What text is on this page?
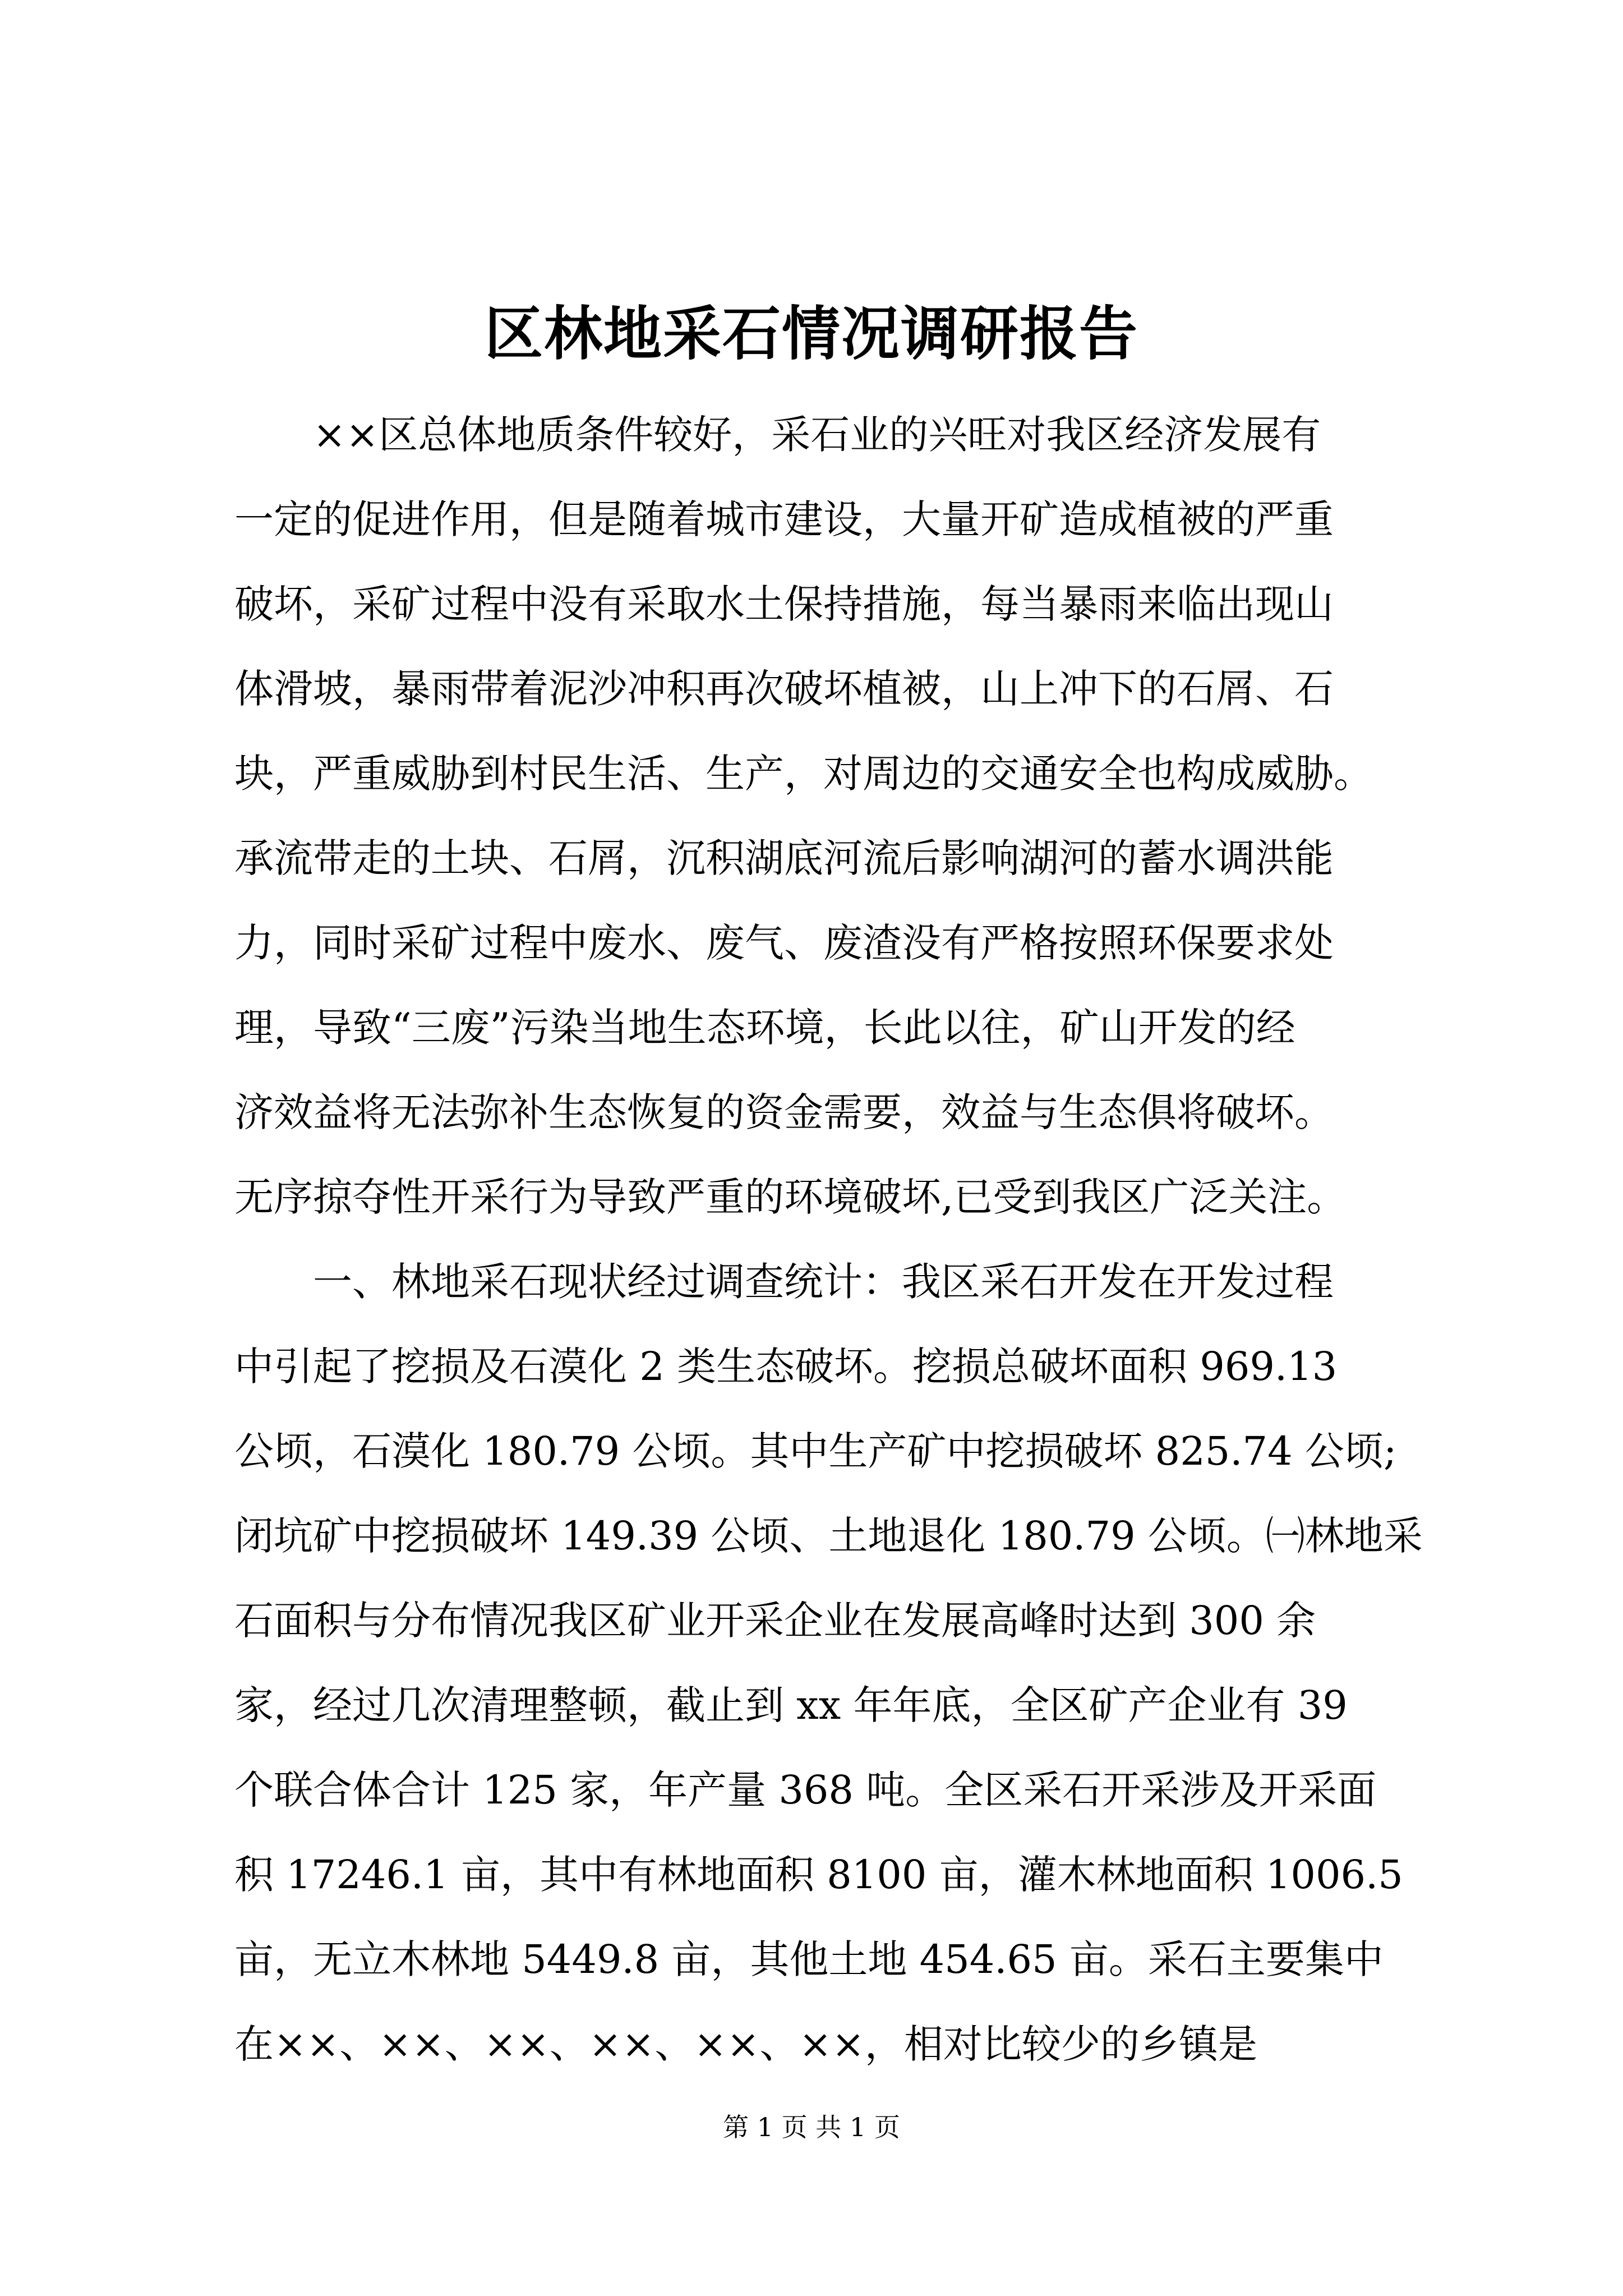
区林地采石情况调研报告
××区总体地质条件较好，采石业的兴旺对我区经济发展有
一定的促进作用，但是随着城市建设，大量开矿造成植被的严重
破坏，采矿过程中没有采取水土保持措施，每当暴雨来临出现山
体滑坡，暴雨带着泥沙冲积再次破坏植被，山上冲下的石屑、石
块，严重威胁到村民生活、生产，对周边的交通安全也构成威胁。
承流带走的土块、石屑，沉积湖底河流后影响湖河的蓄水调洪能
力，同时采矿过程中废水、废气、废渣没有严格按照环保要求处
理，导致“三废”污染当地生态环境，长此以往，矿山开发的经
济效益将无法弥补生态恢复的资金需要，效益与生态俱将破坏。
无序掠夺性开采行为导致严重的环境破坏,已受到我区广泛关注。
一、林地采石现状经过调查统计：我区采石开发在开发过程
中引起了挖损及石漠化 2 类生态破坏。挖损总破坏面积 969.13
公顷，石漠化 180.79 公顷。其中生产矿中挖损破坏 825.74 公顷;
闭坑矿中挖损破坏 149.39 公顷、土地退化 180.79 公顷。㈠林地采
石面积与分布情况我区矿业开采企业在发展高峰时达到 300 余
家，经过几次清理整顿，截止到 xx 年年底，全区矿产企业有 39
个联合体合计 125 家，年产量 368 吨。全区采石开采涉及开采面
积 17246.1 亩，其中有林地面积 8100 亩，灌木林地面积 1006.5
亩，无立木林地 5449.8 亩，其他土地 454.65 亩。采石主要集中
在××、××、××、××、××、××，相对比较少的乡镇是
第 1 页 共 1 页
